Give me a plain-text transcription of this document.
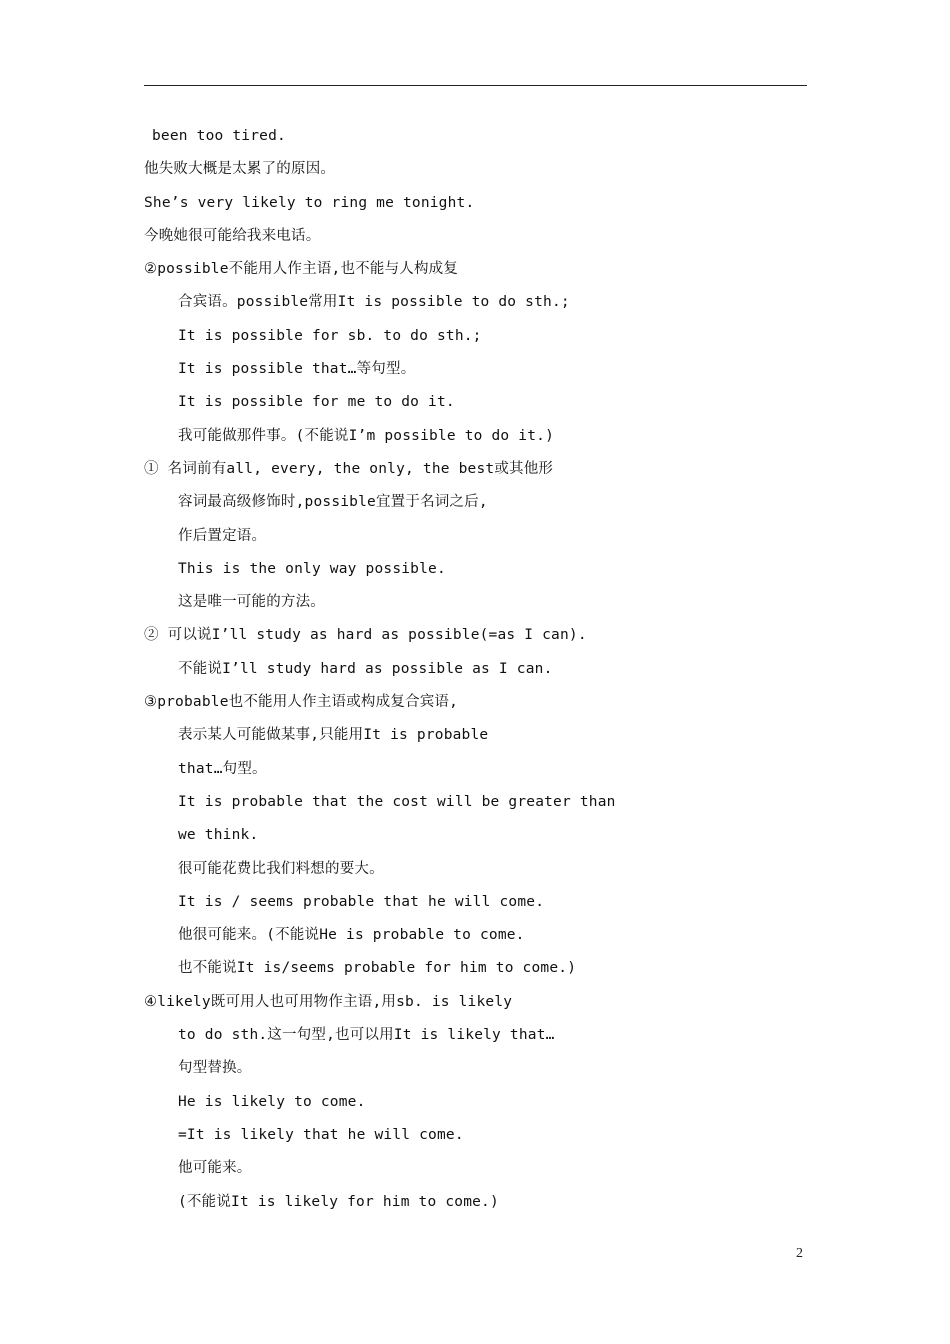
been too tired.
他失败大概是太累了的原因。
She’s very likely to ring me tonight.
今晚她很可能给我来电话。
②possible不能用人作主语,也不能与人构成复
合宾语。possible常用It is possible to do sth.;
It is possible for sb. to do sth.;
It is possible that…等句型。
It is possible for me to do it.
我可能做那件事。(不能说I’m possible to do it.)
① 名词前有all, every, the only, the best或其他形
容词最高级修饰时,possible宜置于名词之后,
作后置定语。
This is the only way possible.
这是唯一可能的方法。
② 可以说I’ll study as hard as possible(=as I can).
不能说I’ll study hard as possible as I can.
③probable也不能用人作主语或构成复合宾语,
表示某人可能做某事,只能用It is probable
that…句型。
It is probable that the cost will be greater than
we think.
很可能花费比我们料想的要大。
It is / seems probable that he will come.
他很可能来。(不能说He is probable to come.
也不能说It is/seems probable for him to come.)
④likely既可用人也可用物作主语,用sb. is likely
to do sth.这一句型,也可以用It is likely that…
句型替换。
He is likely to come.
=It is likely that he will come.
他可能来。
(不能说It is likely for him to come.)
2
